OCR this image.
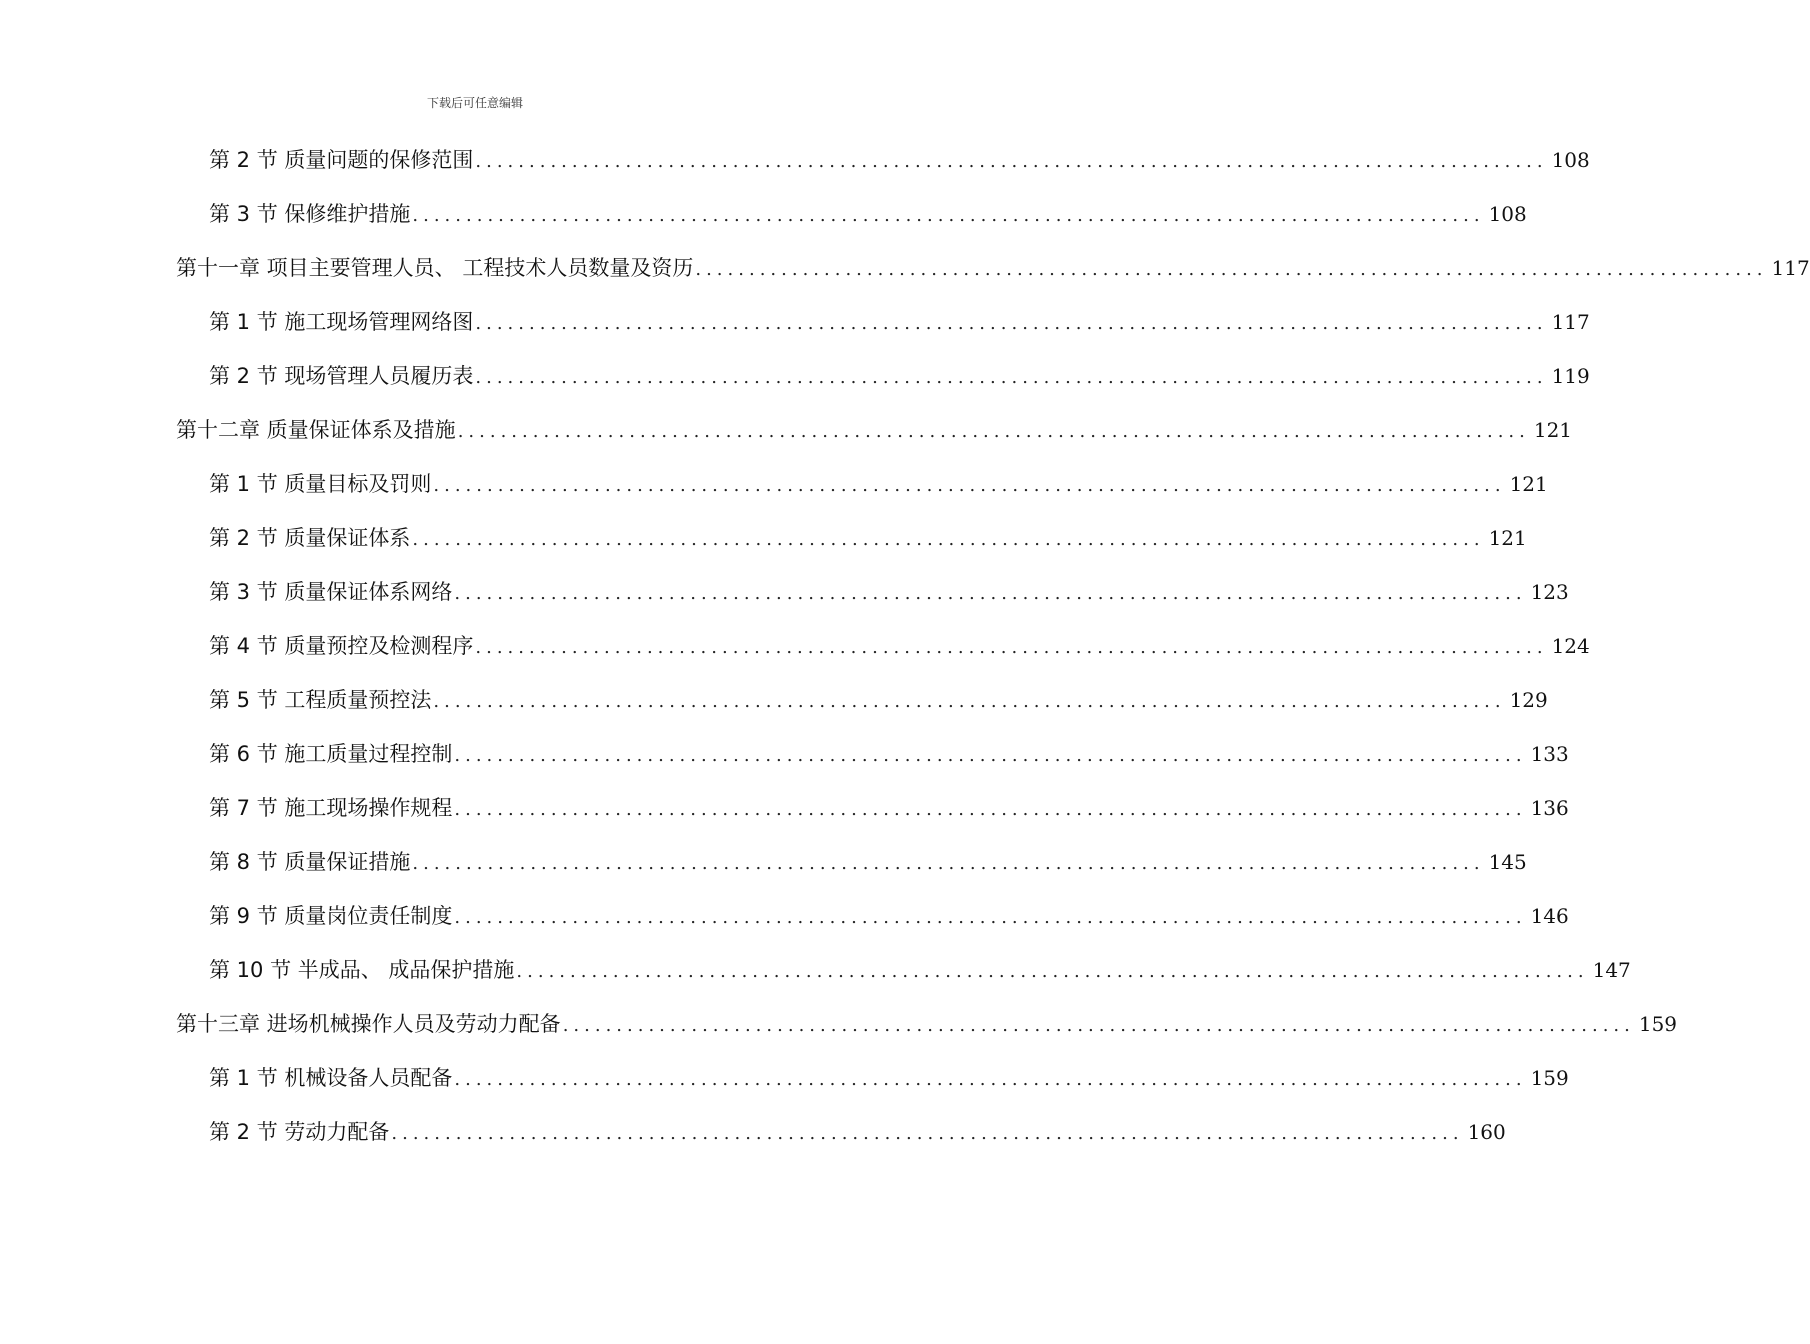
下载后可任意编辑
第 2 节 质量问题的保修范围 .................................................................................................... 108
第 3 节 保修维护措施 .................................................................................................... 108
第十一章 项目主要管理人员、 工程技术人员数量及资历 .................................................................................................... 117
第 1 节 施工现场管理网络图 .................................................................................................... 117
第 2 节 现场管理人员履历表 .................................................................................................... 119
第十二章 质量保证体系及措施 .................................................................................................... 121
第 1 节 质量目标及罚则 .................................................................................................... 121
第 2 节 质量保证体系 .................................................................................................... 121
第 3 节 质量保证体系网络 .................................................................................................... 123
第 4 节 质量预控及检测程序 .................................................................................................... 124
第 5 节 工程质量预控法 .................................................................................................... 129
第 6 节 施工质量过程控制 .................................................................................................... 133
第 7 节 施工现场操作规程 .................................................................................................... 136
第 8 节 质量保证措施 .................................................................................................... 145
第 9 节 质量岗位责任制度 .................................................................................................... 146
第 10 节 半成品、 成品保护措施 .................................................................................................... 147
第十三章 进场机械操作人员及劳动力配备 .................................................................................................... 159
第 1 节 机械设备人员配备 .................................................................................................... 159
第 2 节 劳动力配备 .................................................................................................... 160
